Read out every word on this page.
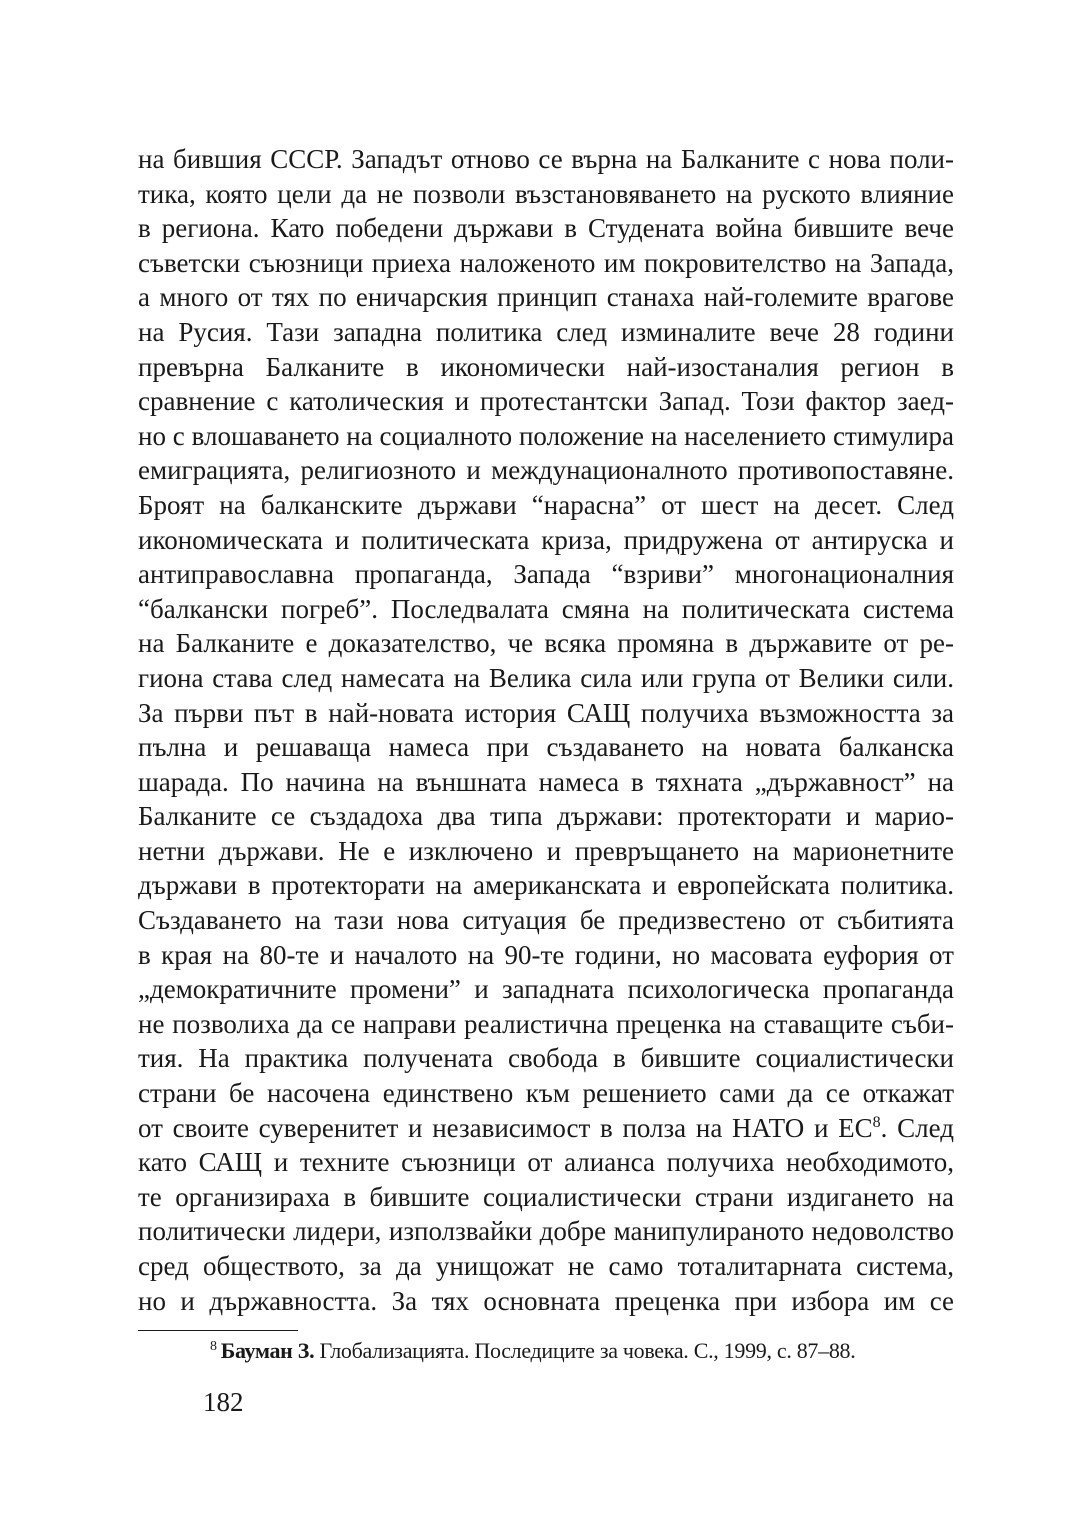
на бившия СССР. Западът отново се върна на Балканите с нова поли-
тика, която цели да не позволи възстановяването на руското влияние
в региона. Като победени държави в Студената война бившите вече
съветски съюзници приеха наложеното им покровителство на Запада,
а много от тях по еничарския принцип станаха най-големите врагове
на Русия. Тази западна политика след изминалите вече 28 години
превърна Балканите в икономически най-изостаналия регион в
сравнение с католическия и протестантски Запад. Този фактор заед-
но с влошаването на социалното положение на населението стимулира
емиграцията, религиозното и междунационалното противопоставяне.
Броят на балканските държави “нарасна” от шест на десет. След
икономическата и политическата криза, придружена от антируска и
антиправославна пропаганда, Запада “взриви” многонационалния
“балкански погреб”. Последвалата смяна на политическата система
на Балканите е доказателство, че всяка промяна в държавите от ре-
гиона става след намесата на Велика сила или група от Велики сили.
За първи път в най-новата история САЩ получиха възможността за
пълна и решаваща намеса при създаването на новата балканска
шарада. По начина на външната намеса в тяхната „държавност” на
Балканите се създадоха два типа държави: протекторати и марио-
нетни държави. Не е изключено и превръщането на марионетните
държави в протекторати на американската и европейската политика.
Създаването на тази нова ситуация бе предизвестено от събитията
в края на 80-те и началото на 90-те години, но масовата еуфория от
„демократичните промени” и западната психологическа пропаганда
не позволиха да се направи реалистична преценка на ставащите съби-
тия. На практика получената свобода в бившите социалистически
страни бе насочена единствено към решението сами да се откажат
от своите суверенитет и независимост в полза на НАТО и ЕС$^8$. След
като САЩ и техните съюзници от алианса получиха необходимото,
те организираха в бившите социалистически страни издигането на
политически лидери, използвайки добре манипулираното недоволство
сред обществото, за да унищожат не само тоталитарната система,
но и държавността. За тях основната преценка при избора им се
$^8$ Бауман З. Глобализацията. Последиците за човека. С., 1999, с. 87–88.
182
